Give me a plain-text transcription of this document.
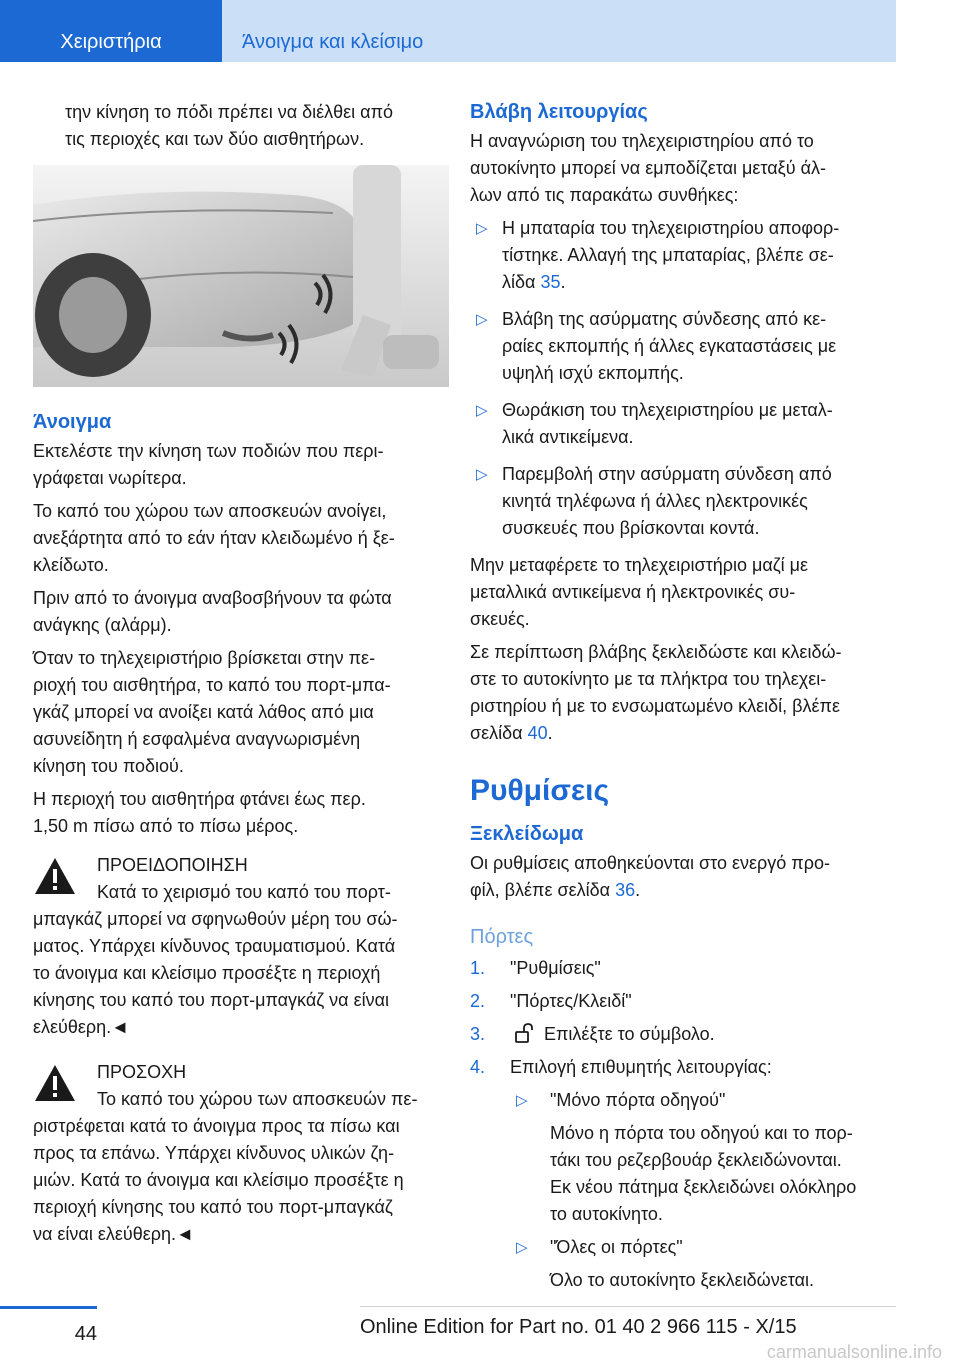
Χειριστήρια	Άνοιγμα και κλείσιμο

την κίνηση το πόδι πρέπει να διέλθει από
τις περιοχές και των δύο αισθητήρων.

Άνοιγμα

Εκτελέστε την κίνηση των ποδιών που περι-
γράφεται νωρίτερα.

Το καπό του χώρου των αποσκευών ανοίγει,
ανεξάρτητα από το εάν ήταν κλειδωμένο ή ξε-
κλείδωτο.

Πριν από το άνοιγμα αναβοσβήνουν τα φώτα
ανάγκης (αλάρμ).

Όταν το τηλεχειριστήριο βρίσκεται στην πε-
ριοχή του αισθητήρα, το καπό του πορτ-μπα-
γκάζ μπορεί να ανοίξει κατά λάθος από μια
ασυνείδητη ή εσφαλμένα αναγνωρισμένη
κίνηση του ποδιού.

Η περιοχή του αισθητήρα φτάνει έως περ.
1,50 m πίσω από το πίσω μέρος.

ΠΡΟΕΙΔΟΠΟΙΗΣΗ
Κατά το χειρισμό του καπό του πορτ-
μπαγκάζ μπορεί να σφηνωθούν μέρη του σώ-
ματος. Υπάρχει κίνδυνος τραυματισμού. Κατά
το άνοιγμα και κλείσιμο προσέξτε η περιοχή
κίνησης του καπό του πορτ-μπαγκάζ να είναι
ελεύθερη.◄
ΠΡΟΣΟΧΗ
Το καπό του χώρου των αποσκευών πε-
ριστρέφεται κατά το άνοιγμα προς τα πίσω και
προς τα επάνω. Υπάρχει κίνδυνος υλικών ζη-
μιών. Κατά το άνοιγμα και κλείσιμο προσέξτε η
περιοχή κίνησης του καπό του πορτ-μπαγκάζ
να είναι ελεύθερη.◄
Βλάβη λειτουργίας

Η αναγνώριση του τηλεχειριστηρίου από το
αυτοκίνητο μπορεί να εμποδίζεται μεταξύ άλ-
λων από τις παρακάτω συνθήκες:

▷ Η μπαταρία του τηλεχειριστηρίου αποφορ-
τίστηκε. Αλλαγή της μπαταρίας, βλέπε σε-
λίδα 35.
▷ Βλάβη της ασύρματης σύνδεσης από κε-
ραίες εκπομπής ή άλλες εγκαταστάσεις με
υψηλή ισχύ εκπομπής.
▷ Θωράκιση του τηλεχειριστηρίου με μεταλ-
λικά αντικείμενα.
▷ Παρεμβολή στην ασύρματη σύνδεση από
κινητά τηλέφωνα ή άλλες ηλεκτρονικές
συσκευές που βρίσκονται κοντά.

Μην μεταφέρετε το τηλεχειριστήριο μαζί με
μεταλλικά αντικείμενα ή ηλεκτρονικές συ-
σκευές.

Σε περίπτωση βλάβης ξεκλειδώστε και κλειδώ-
στε το αυτοκίνητο με τα πλήκτρα του τηλεχει-
ριστηρίου ή με το ενσωματωμένο κλειδί, βλέπε
σελίδα 40.

Ρυθμίσεις
Ξεκλείδωμα

Οι ρυθμίσεις αποθηκεύονται στο ενεργό προ-
φίλ, βλέπε σελίδα 36.

Πόρτες
1. "Ρυθμίσεις"
2. "Πόρτες/Κλειδί"
3.	Επιλέξτε το σύμβολο.
4. Επιλογή επιθυμητής λειτουργίας:
▷ "Μόνο πόρτα οδηγού"

Μόνο η πόρτα του οδηγού και το πορ-
τάκι του ρεζερβουάρ ξεκλειδώνονται.
Εκ νέου πάτημα ξεκλειδώνει ολόκληρο
το αυτοκίνητο.

▷ "Όλες οι πόρτες"

Όλο το αυτοκίνητο ξεκλειδώνεται.

44	Online Edition for Part no. 01 40 2 966 115 - X/15
carmanualsonline.info
